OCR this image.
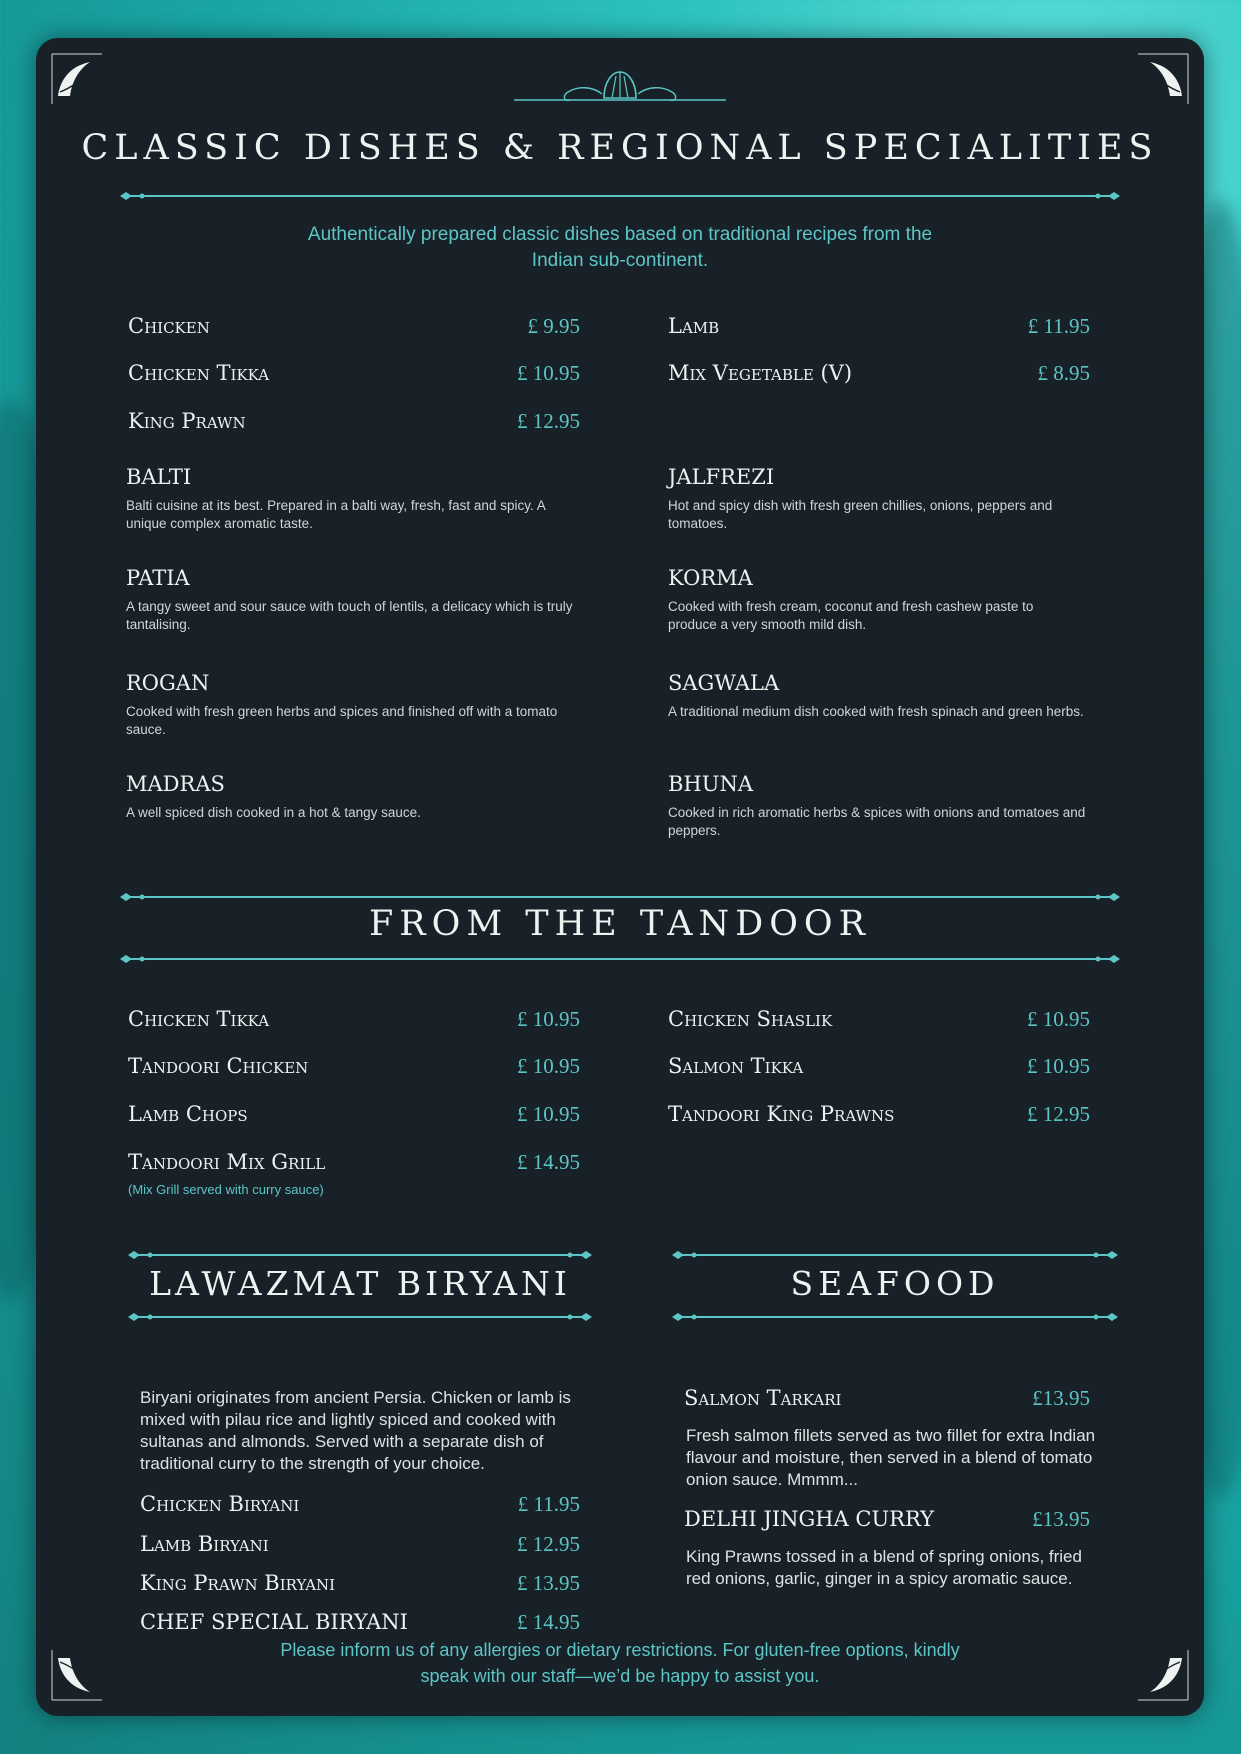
CLASSIC DISHES & REGIONAL SPECIALITIES
Authentically prepared classic dishes based on traditional recipes from the Indian sub-continent.
Chicken	£ 9.95
Chicken Tikka	£ 10.95
King Prawn	£ 12.95
Lamb	£ 11.95
Mix Vegetable (V)	£ 8.95
BALTI
Balti cuisine at its best. Prepared in a balti way, fresh, fast and spicy. A unique complex aromatic taste.
PATIA
A tangy sweet and sour sauce with touch of lentils, a delicacy which is truly tantalising.
ROGAN
Cooked with fresh green herbs and spices and finished off with a tomato sauce.
MADRAS
A well spiced dish cooked in a hot & tangy sauce.
JALFREZI
Hot and spicy dish with fresh green chillies, onions, peppers and tomatoes.
KORMA
Cooked with fresh cream, coconut and fresh cashew paste to produce a very smooth mild dish.
SAGWALA
A traditional medium dish cooked with fresh spinach and green herbs.
BHUNA
Cooked in rich aromatic herbs & spices with onions and tomatoes and peppers.
FROM THE TANDOOR
Chicken Tikka	£ 10.95
Tandoori Chicken	£ 10.95
Lamb Chops	£ 10.95
Tandoori Mix Grill	£ 14.95
(Mix Grill served with curry sauce)
Chicken Shaslik	£ 10.95
Salmon Tikka	£ 10.95
Tandoori King Prawns	£ 12.95
LAWAZMAT BIRYANI
Biryani originates from ancient Persia. Chicken or lamb is mixed with pilau rice and lightly spiced and cooked with sultanas and almonds. Served with a separate dish of traditional curry to the strength of your choice.
Chicken Biryani	£ 11.95
Lamb Biryani	£ 12.95
King Prawn Biryani	£ 13.95
CHEF SPECIAL BIRYANI	£ 14.95
SEAFOOD
Salmon Tarkari	£13.95
Fresh salmon fillets served as two fillet for extra Indian flavour and moisture, then served in a blend of tomato onion sauce. Mmmm...
DELHI JINGHA CURRY	£13.95
King Prawns tossed in a blend of spring onions, fried red onions, garlic, ginger in a spicy aromatic sauce.
Please inform us of any allergies or dietary restrictions. For gluten-free options, kindly speak with our staff—we’d be happy to assist you.
